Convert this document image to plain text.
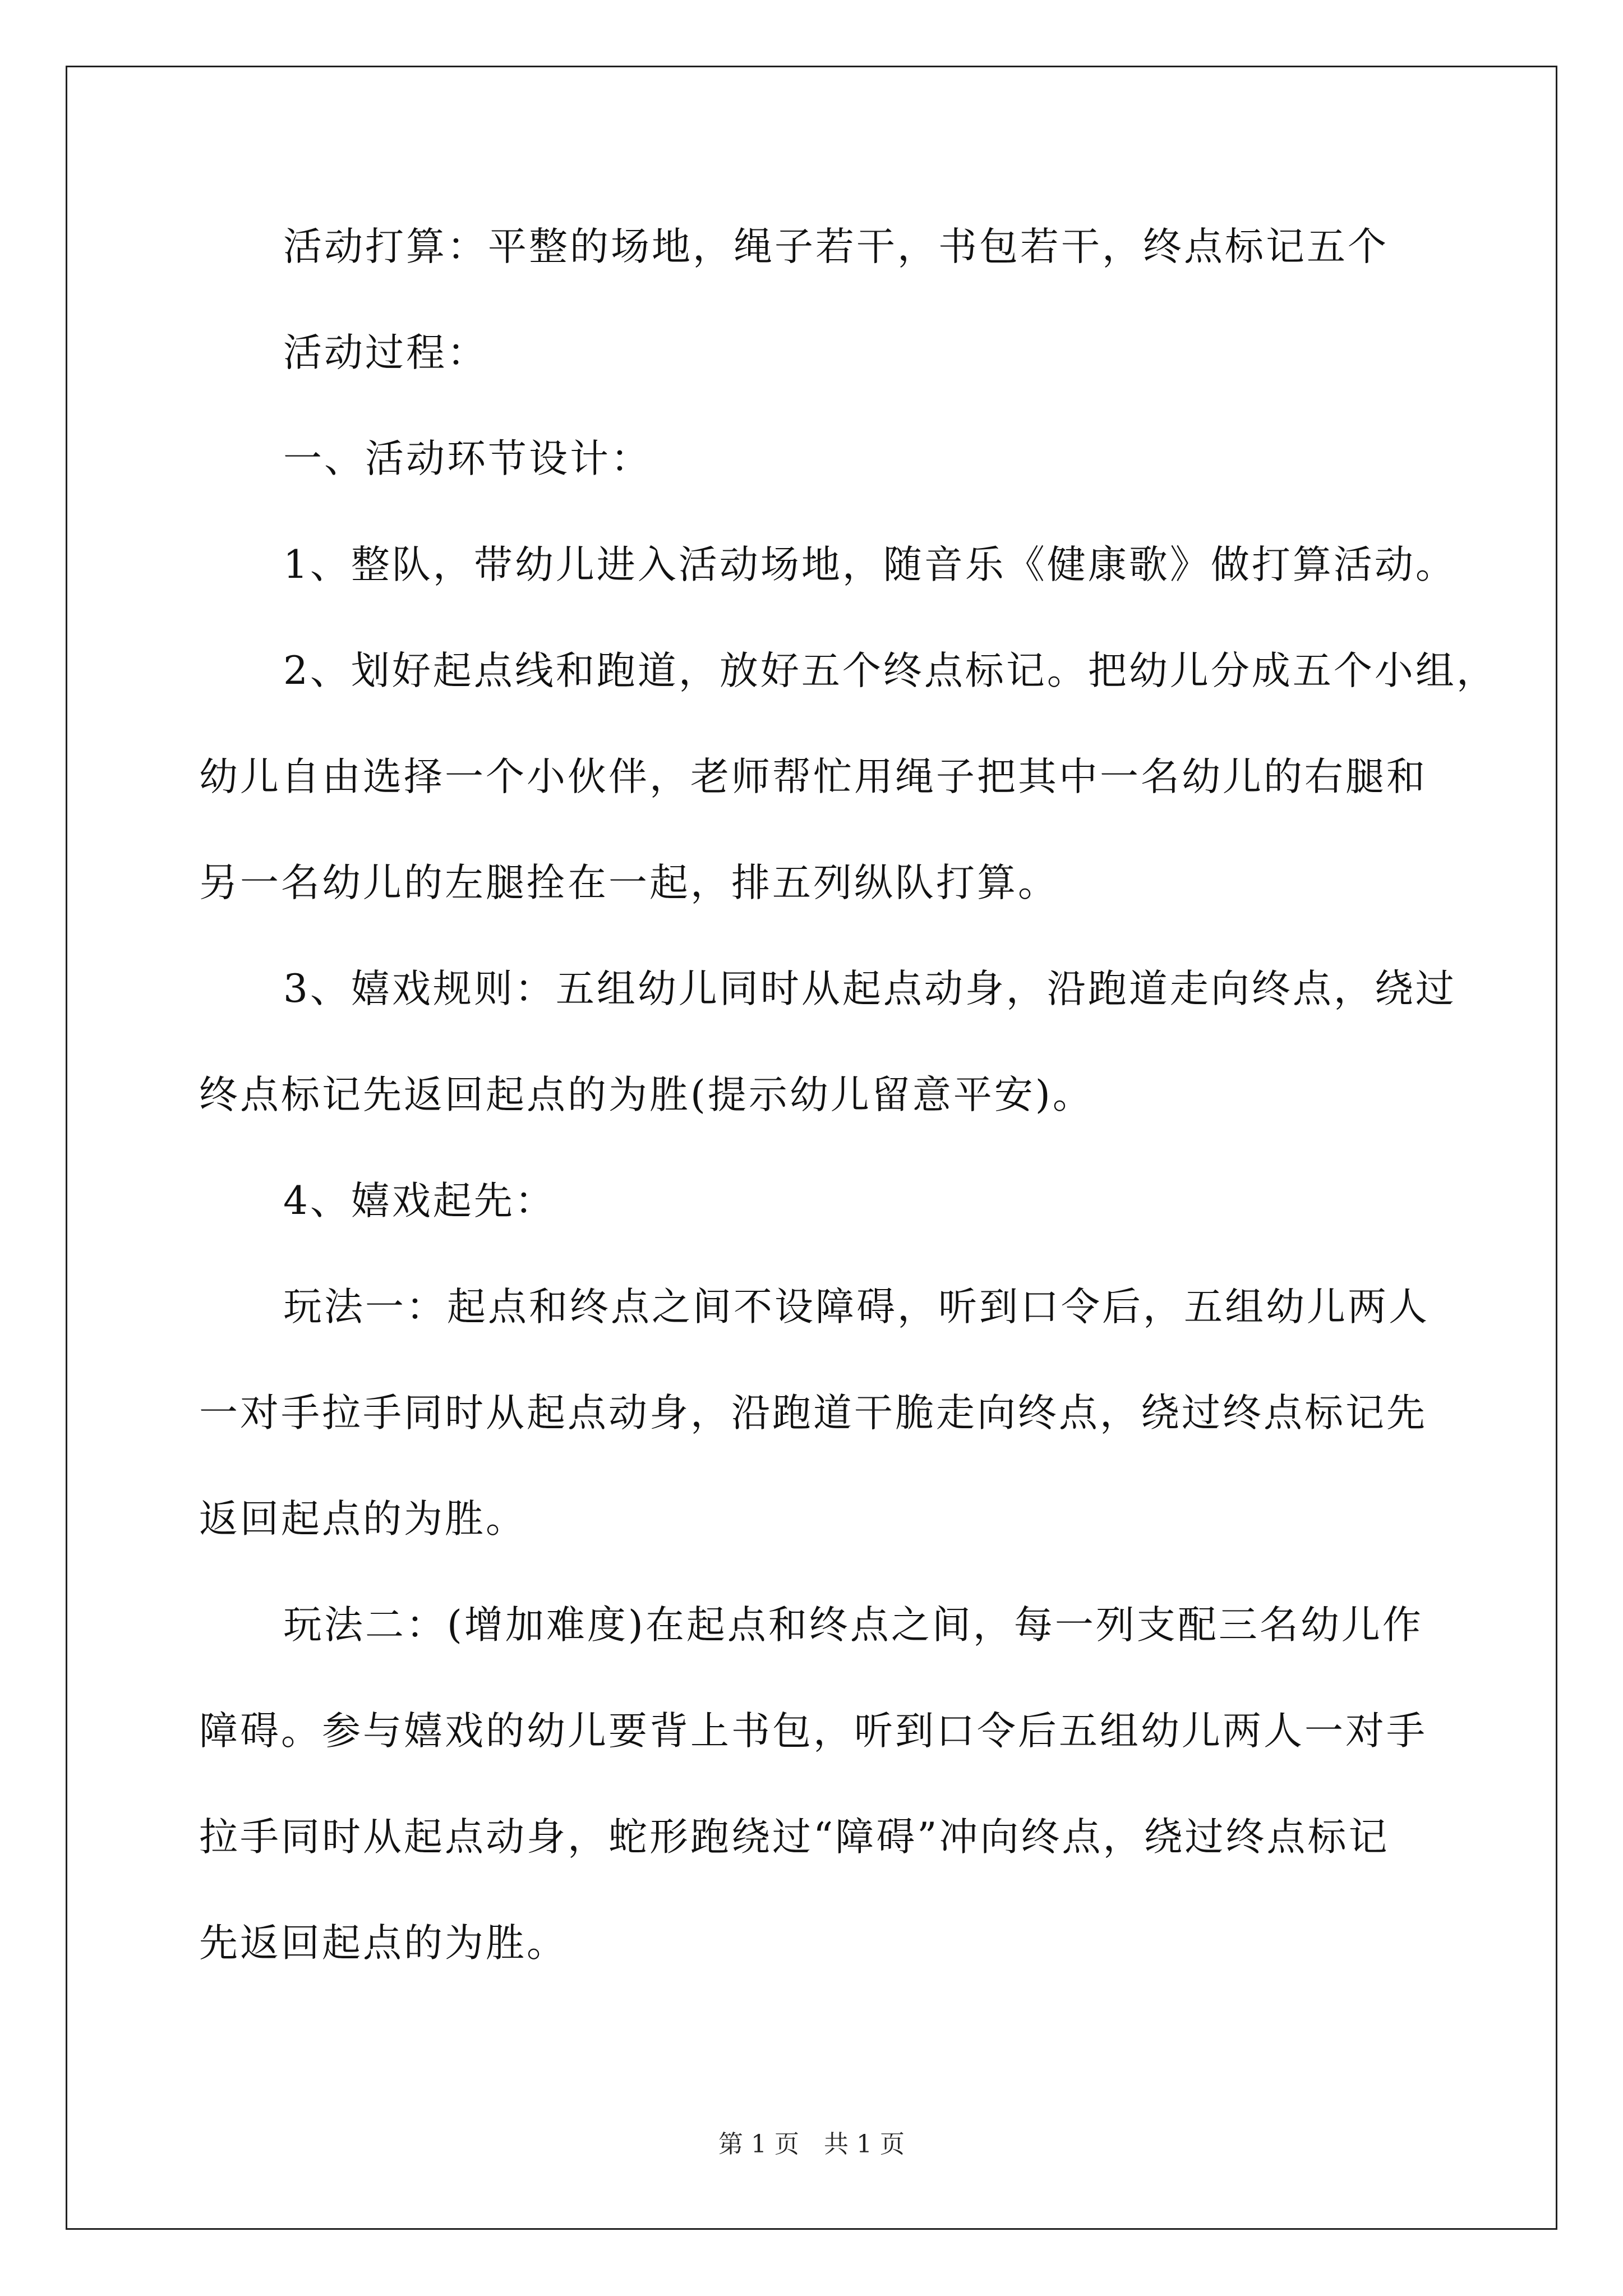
活动打算：平整的场地，绳子若干，书包若干，终点标记五个
活动过程：
一、活动环节设计：
1、整队，带幼儿进入活动场地，随音乐《健康歌》做打算活动。
2、划好起点线和跑道，放好五个终点标记。把幼儿分成五个小组，
幼儿自由选择一个小伙伴，老师帮忙用绳子把其中一名幼儿的右腿和
另一名幼儿的左腿拴在一起，排五列纵队打算。
3、嬉戏规则：五组幼儿同时从起点动身，沿跑道走向终点，绕过
终点标记先返回起点的为胜(提示幼儿留意平安)。
4、嬉戏起先：
玩法一：起点和终点之间不设障碍，听到口令后，五组幼儿两人
一对手拉手同时从起点动身，沿跑道干脆走向终点，绕过终点标记先
返回起点的为胜。
玩法二：(增加难度)在起点和终点之间，每一列支配三名幼儿作
障碍。参与嬉戏的幼儿要背上书包，听到口令后五组幼儿两人一对手
拉手同时从起点动身，蛇形跑绕过“障碍”冲向终点，绕过终点标记
先返回起点的为胜。
第 1 页　共 1 页
